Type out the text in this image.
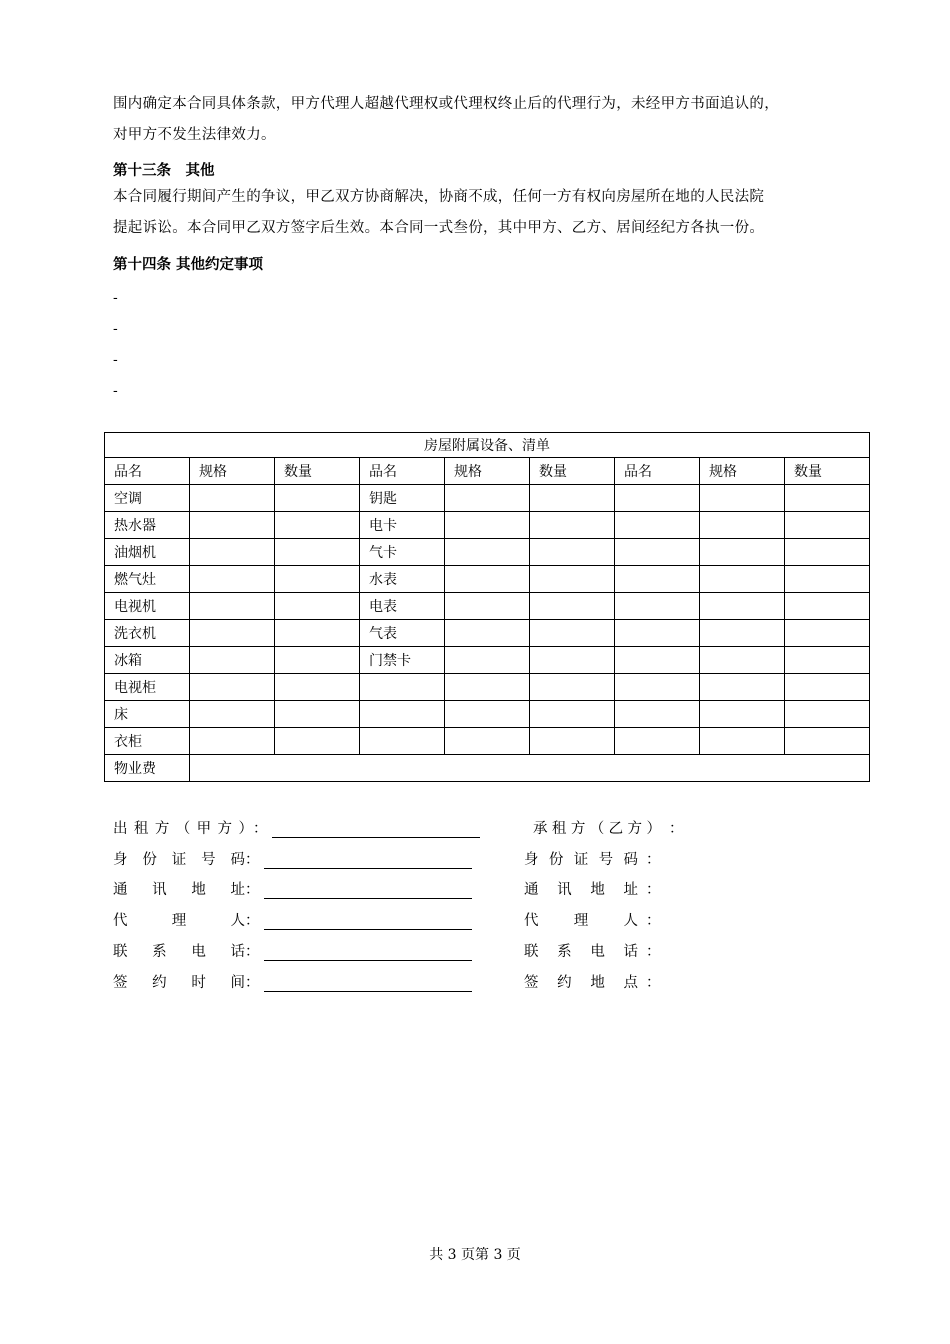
围内确定本合同具体条款，甲方代理人超越代理权或代理权终止后的代理行为，未经甲方书面追认的，
对甲方不发生法律效力。
第十三条　其他
本合同履行期间产生的争议，甲乙双方协商解决，协商不成，任何一方有权向房屋所在地的人民法院
提起诉讼。本合同甲乙双方签字后生效。本合同一式叁份，其中甲方、乙方、居间经纪方各执一份。
第十四条 其他约定事项
-
-
-
-
房屋附属设备、清单								
品名	规格	数量	品名	规格	数量	品名	规格	数量
空调			钥匙					
热水器			电卡					
油烟机			气卡					
燃气灶			水表					
电视机			电表					
洗衣机			气表					
冰箱			门禁卡					
电视柜								
床								
衣柜								
物业费								
共 3 页第 3 页
出 租 方 （ 甲 方 ） ：
身 份 证 号 码 ：
通 讯 地 址 ：
代	理	人 ：
联 系 电 话 ：
签 约 时 间 ：
承 租 方 （ 乙 方 ） ：
身 份 证 号 码 ：
通 讯 地 址 ：
代 理 人 ：
联 系 电 话 ：
签 约 地 点 ：
